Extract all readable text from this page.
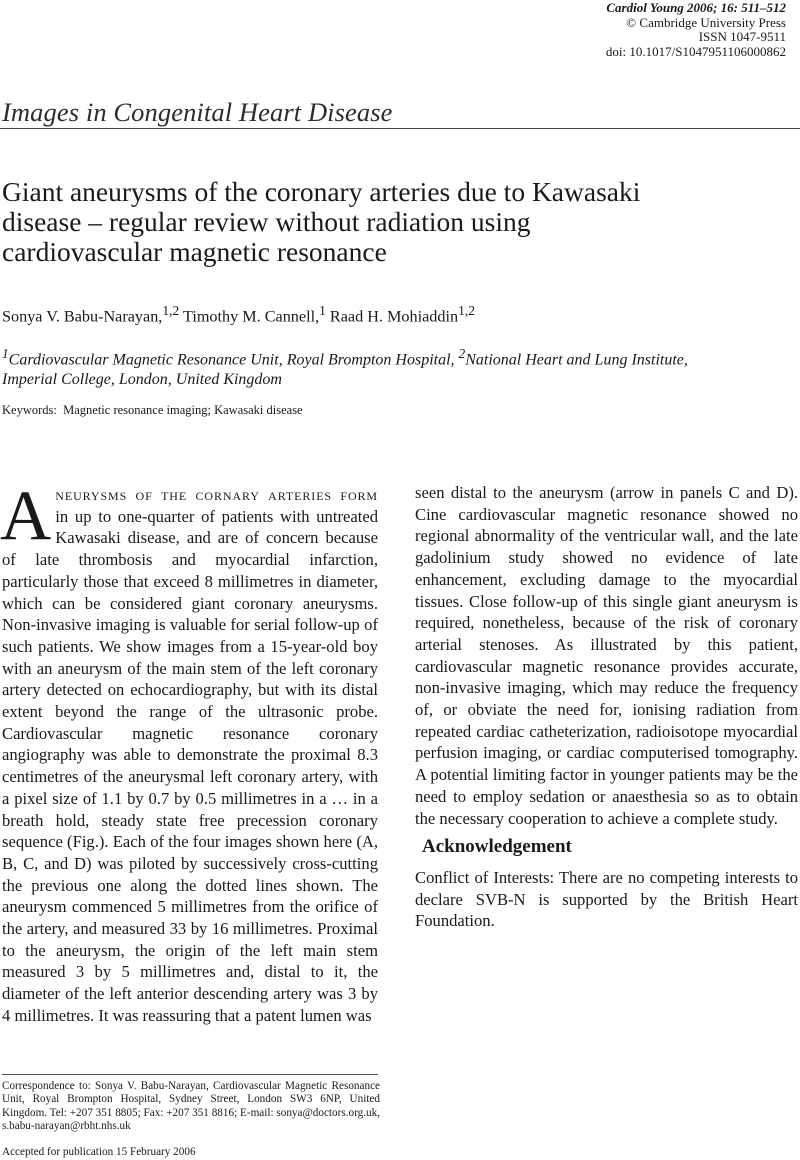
Cardiol Young 2006; 16: 511–512
© Cambridge University Press
ISSN 1047-9511
doi: 10.1017/S1047951106000862
Images in Congenital Heart Disease
Giant aneurysms of the coronary arteries due to Kawasaki
disease – regular review without radiation using
cardiovascular magnetic resonance
Sonya V. Babu-Narayan,$^{1,2}$ Timothy M. Cannell,$^1$ Raad H. Mohiaddin$^{1,2}$
$^1$Cardiovascular Magnetic Resonance Unit, Royal Brompton Hospital, $^2$National Heart and Lung Institute,
Imperial College, London, United Kingdom
Keywords: Magnetic resonance imaging; Kawasaki disease
Aneurysms of the cornary arteries form in up to one-quarter of patients with untreated Kawasaki disease, and are of concern because of late thrombosis and myocardial infarction, particularly those that exceed 8 millimetres in diameter, which can be considered giant coronary aneurysms. Non-invasive imaging is valuable for serial follow-up of such patients. We show images from a 15-year-old boy with an aneurysm of the main stem of the left coronary artery detected on echocardiography, but with its distal extent beyond the range of the ultrasonic probe. Cardiovascular magnetic resonance coronary angiography was able to demonstrate the proximal 8.3 centimetres of the aneurysmal left coronary artery, with a pixel size of 1.1 by 0.7 by 0.5 millimetres in a … in a breath hold, steady state free precession coronary sequence (Fig.). Each of the four images shown here (A, B, C, and D) was piloted by successively cross-cutting the previous one along the dotted lines shown. The aneurysm commenced 5 millimetres from the orifice of the artery, and measured 33 by 16 millimetres. Proximal to the aneurysm, the origin of the left main stem measured 3 by 5 millimetres and, distal to it, the diameter of the left anterior descending artery was 3 by 4 millimetres. It was reassuring that a patent lumen was
seen distal to the aneurysm (arrow in panels C and D). Cine cardiovascular magnetic resonance showed no regional abnormality of the ventricular wall, and the late gadolinium study showed no evidence of late enhancement, excluding damage to the myocardial tissues. Close follow-up of this single giant aneurysm is required, nonetheless, because of the risk of coronary arterial stenoses. As illustrated by this patient, cardiovascular magnetic resonance provides accurate, non-invasive imaging, which may reduce the frequency of, or obviate the need for, ionising radiation from repeated cardiac catheterization, radioisotope myocardial perfusion imaging, or cardiac computerised tomography. A potential limiting factor in younger patients may be the need to employ sedation or anaesthesia so as to obtain the necessary cooperation to achieve a complete study.
Acknowledgement
Conflict of Interests: There are no competing interests to declare SVB-N is supported by the British Heart Foundation.
Correspondence to: Sonya V. Babu-Narayan, Cardiovascular Magnetic Resonance Unit, Royal Brompton Hospital, Sydney Street, London SW3 6NP, United Kingdom. Tel: +207 351 8805; Fax: +207 351 8816; E-mail: sonya@doctors.org.uk, s.babu-narayan@rbht.nhs.uk
Accepted for publication 15 February 2006
